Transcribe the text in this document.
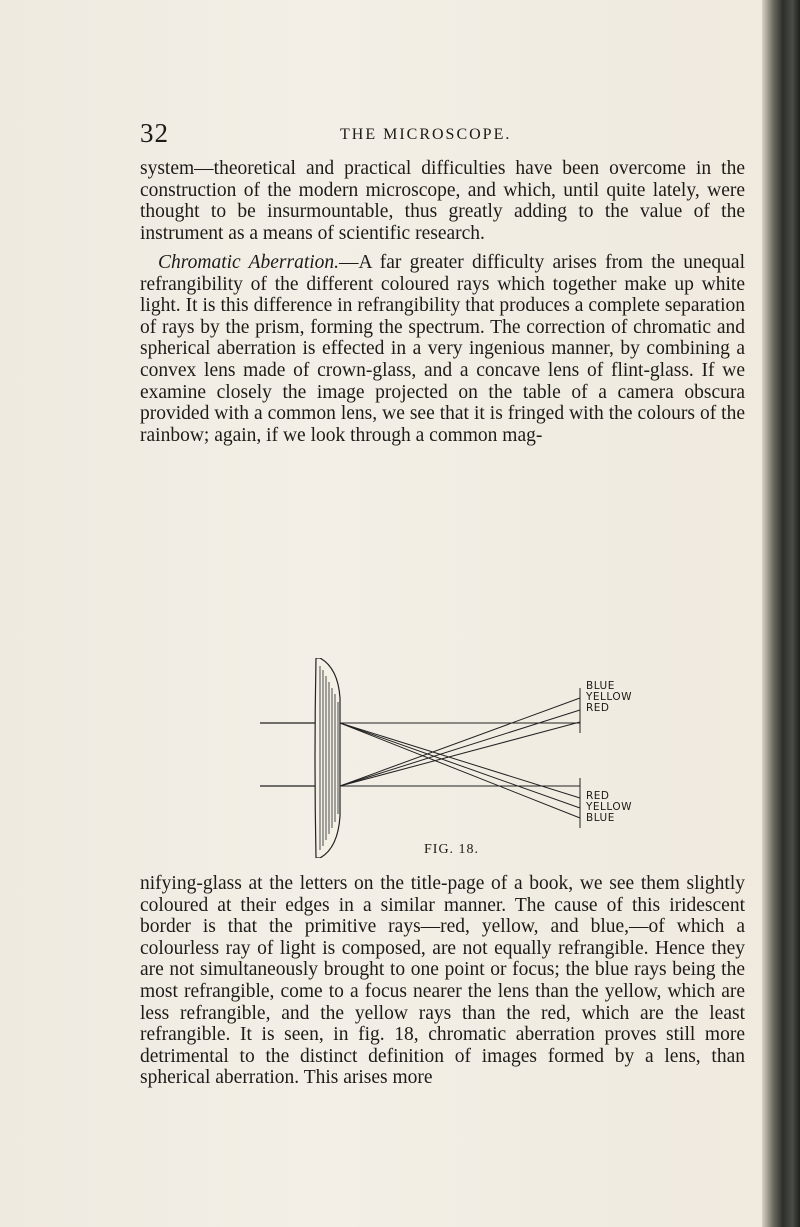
32	THE MICROSCOPE.

system—theoretical and practical difficulties have been overcome in the construction of the modern microscope, and which, until quite lately, were thought to be insurmountable, thus greatly adding to the value of the instrument as a means of scientific research.

Chromatic Aberration.—A far greater difficulty arises from the unequal refrangibility of the different coloured rays which together make up white light. It is this difference in refrangibility that produces a complete separation of rays by the prism, forming the spectrum. The correction of chromatic and spherical aberration is effected in a very ingenious manner, by combining a convex lens made of crown-glass, and a concave lens of flint-glass. If we examine closely the image projected on the table of a camera obscura provided with a common lens, we see that it is fringed with the colours of the rainbow; again, if we look through a common mag-

BLUE
YELLOW
RED
RED
YELLOW
BLUE
FIG. 18.

nifying-glass at the letters on the title-page of a book, we see them slightly coloured at their edges in a similar manner. The cause of this iridescent border is that the primitive rays—red, yellow, and blue,—of which a colourless ray of light is composed, are not equally refrangible. Hence they are not simultaneously brought to one point or focus; the blue rays being the most refrangible, come to a focus nearer the lens than the yellow, which are less refrangible, and the yellow rays than the red, which are the least refrangible. It is seen, in fig. 18, chromatic aberration proves still more detrimental to the distinct definition of images formed by a lens, than spherical aberration. This arises more
